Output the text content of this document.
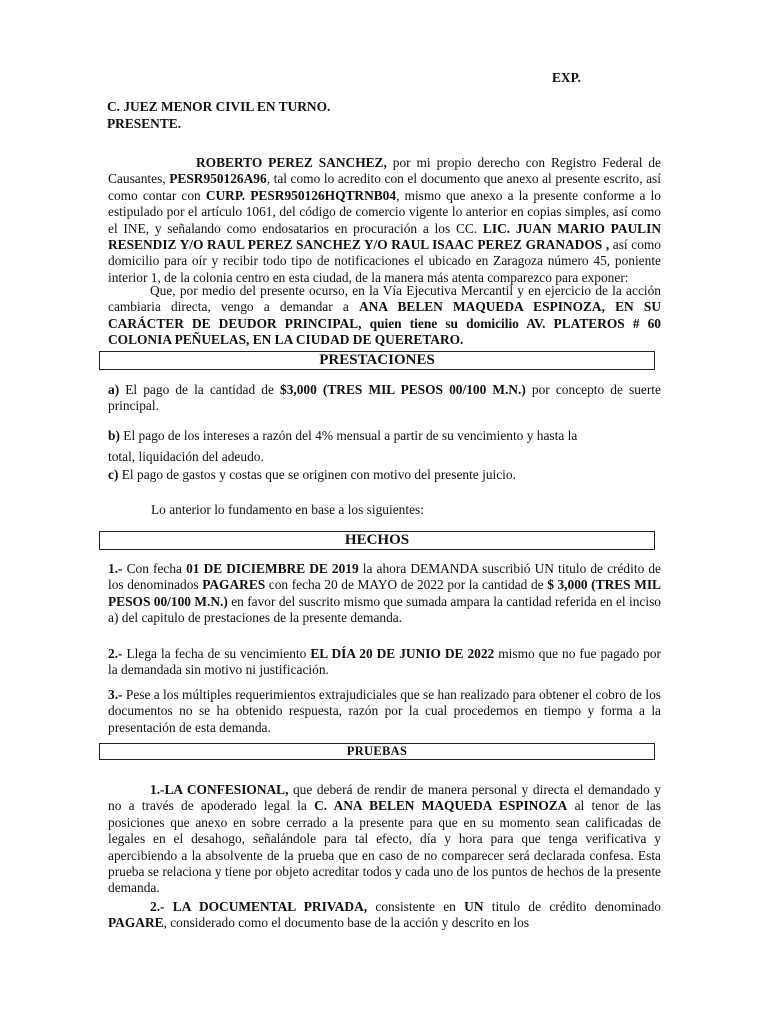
EXP.
C. JUEZ MENOR CIVIL EN TURNO.
PRESENTE.
ROBERTO PEREZ SANCHEZ, por mi propio derecho con Registro Federal de Causantes, PESR950126A96, tal como lo acredito con el documento que anexo al presente escrito, así como contar con CURP. PESR950126HQTRNB04, mismo que anexo a la presente conforme a lo estipulado por el artículo 1061, del código de comercio vigente lo anterior en copias simples, así como el INE, y señalando como endosatarios en procuración a los CC. LIC. JUAN MARIO PAULIN RESENDIZ Y/O RAUL PEREZ SANCHEZ Y/O RAUL ISAAC PEREZ GRANADOS , así como domicilio para oír y recibir todo tipo de notificaciones el ubicado en Zaragoza número 45, poniente interior 1, de la colonia centro en esta ciudad, de la manera más atenta comparezco para exponer:
Que, por medio del presente ocurso, en la Vía Ejecutiva Mercantil y en ejercicio de la acción cambiaria directa, vengo a demandar a ANA BELEN MAQUEDA ESPINOZA, EN SU CARÁCTER DE DEUDOR PRINCIPAL, quien tiene su domicilio AV. PLATEROS # 60 COLONIA PEÑUELAS, EN LA CIUDAD DE QUERETARO.
PRESTACIONES
a) El pago de la cantidad de $3,000 (TRES MIL PESOS 00/100 M.N.) por concepto de suerte principal.
b) El pago de los intereses a razón del 4% mensual a partir de su vencimiento y hasta la
total, liquidación del adeudo.
c) El pago de gastos y costas que se originen con motivo del presente juicio.
Lo anterior lo fundamento en base a los siguientes:
HECHOS
1.- Con fecha 01 DE DICIEMBRE DE 2019 la ahora DEMANDA suscribió UN titulo de crédito de los denominados PAGARES con fecha 20 de MAYO de 2022 por la cantidad de $ 3,000 (TRES MIL PESOS 00/100 M.N.) en favor del suscrito mismo que sumada ampara la cantidad referida en el inciso a) del capitulo de prestaciones de la presente demanda.
2.- Llega la fecha de su vencimiento EL DÍA 20 DE JUNIO DE 2022 mismo que no fue pagado por la demandada sin motivo ni justificación.
3.- Pese a los múltiples requerimientos extrajudiciales que se han realizado para obtener el cobro de los documentos no se ha obtenido respuesta, razón por la cual procedemos en tiempo y forma a la presentación de esta demanda.
PRUEBAS
1.-LA CONFESIONAL, que deberá de rendir de manera personal y directa el demandado y no a través de apoderado legal la C. ANA BELEN MAQUEDA ESPINOZA al tenor de las posiciones que anexo en sobre cerrado a la presente para que en su momento sean calificadas de legales en el desahogo, señalándole para tal efecto, día y hora para que tenga verificativa y apercibiendo a la absolvente de la prueba que en caso de no comparecer será declarada confesa. Esta prueba se relaciona y tiene por objeto acreditar todos y cada uno de los puntos de hechos de la presente demanda.
2.- LA DOCUMENTAL PRIVADA, consistente en UN titulo de crédito denominado PAGARE, considerado como el documento base de la acción y descrito en los
